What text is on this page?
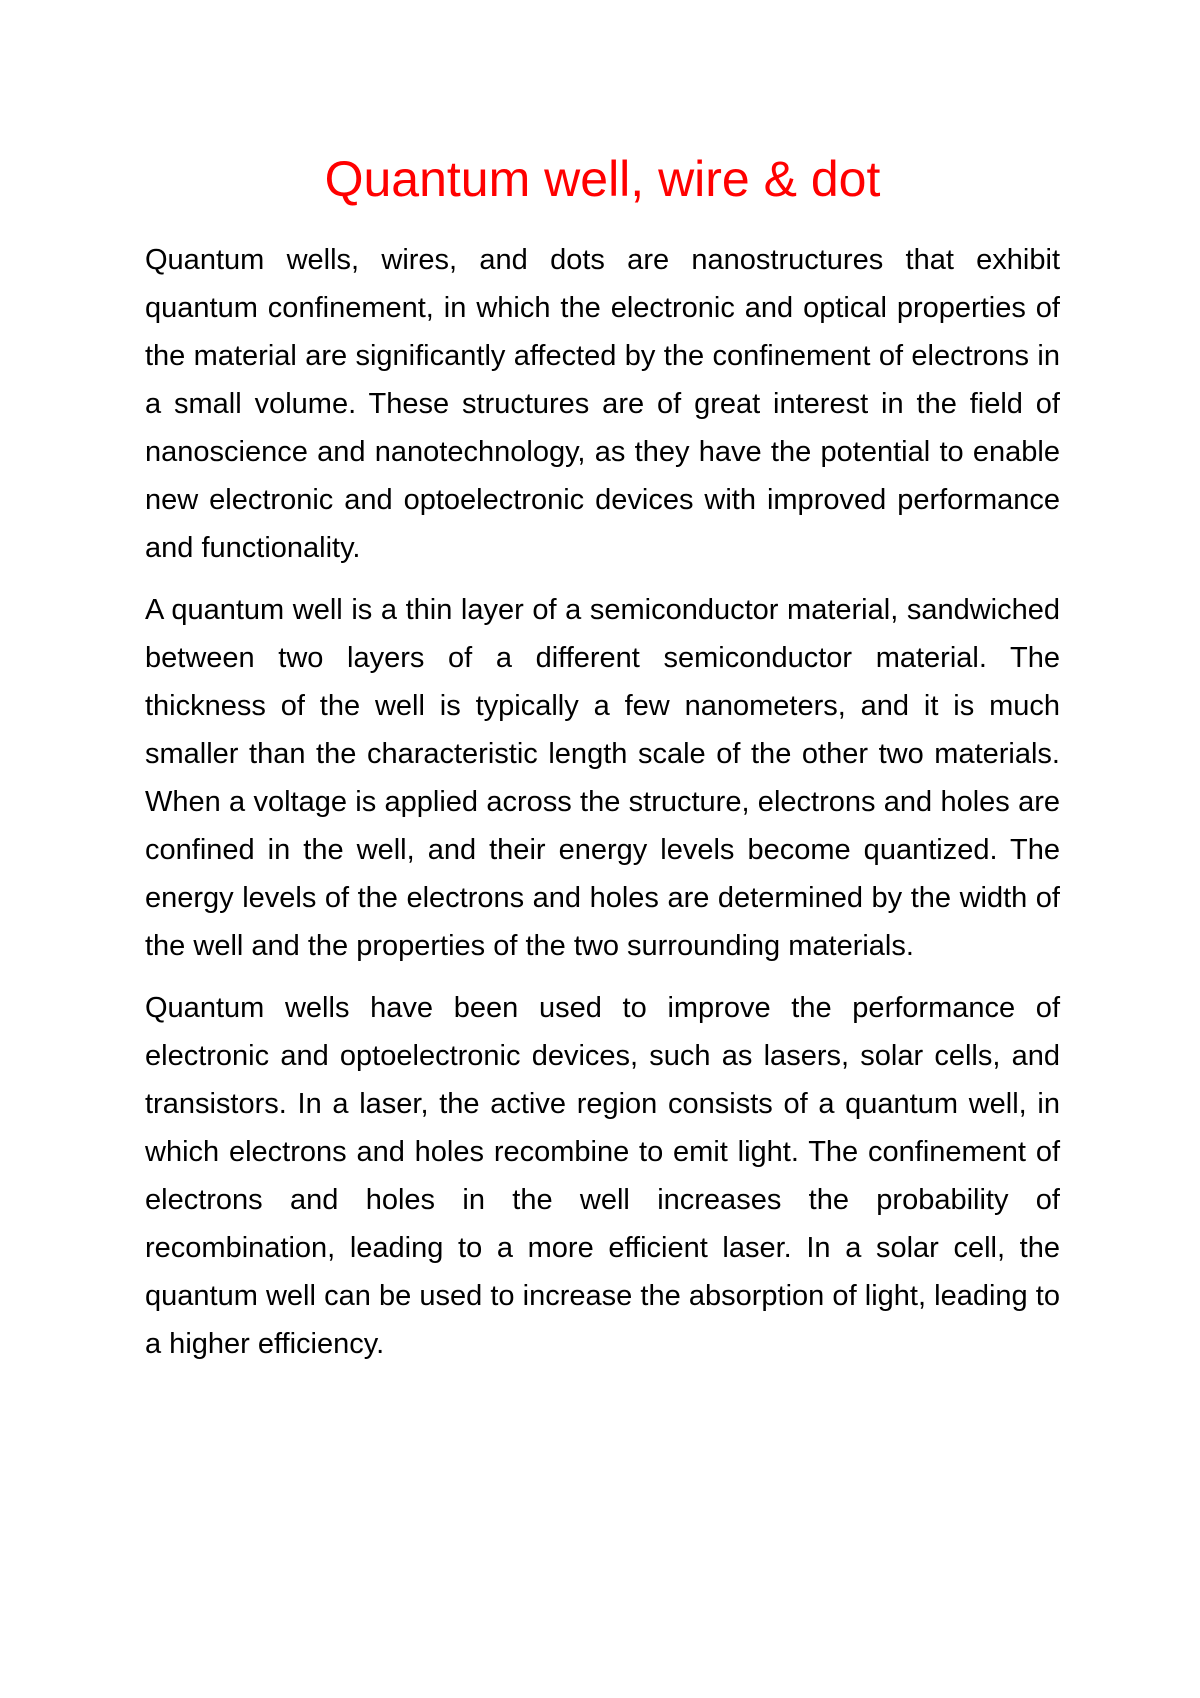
Quantum well, wire & dot

Quantum wells, wires, and dots are nanostructures that exhibit quantum confinement, in which the electronic and optical properties of the material are significantly affected by the confinement of electrons in a small volume. These structures are of great interest in the field of nanoscience and nanotechnology, as they have the potential to enable new electronic and optoelectronic devices with improved performance and functionality.

A quantum well is a thin layer of a semiconductor material, sandwiched between two layers of a different semiconductor material. The thickness of the well is typically a few nanometers, and it is much smaller than the characteristic length scale of the other two materials. When a voltage is applied across the structure, electrons and holes are confined in the well, and their energy levels become quantized. The energy levels of the electrons and holes are determined by the width of the well and the properties of the two surrounding materials.

Quantum wells have been used to improve the performance of electronic and optoelectronic devices, such as lasers, solar cells, and transistors. In a laser, the active region consists of a quantum well, in which electrons and holes recombine to emit light. The confinement of electrons and holes in the well increases the probability of recombination, leading to a more efficient laser. In a solar cell, the quantum well can be used to increase the absorption of light, leading to a higher efficiency.
